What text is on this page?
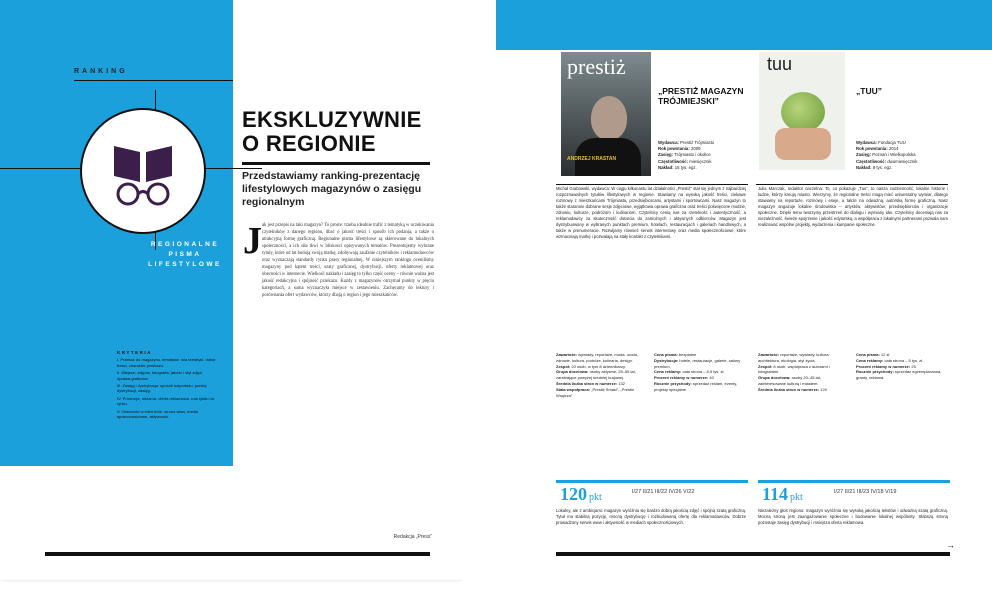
RANKING
REGIONALNE PISMA LIFESTYLOWE
KRYTERIA
I. Przekaz do magazynu, tematyka: rola tematyki, dobór treści, charakter przekazu.
II. Miejsce, zdjęcia, fotografia: jakość i styl zdjęć, oprawa graficzna.
III. Zasięg i dystrybucja: sposób kolportażu, punkty dystrybucji, zasięg.
IV. Promocja, reklama: oferta reklamowa, rola tytułu na rynku.
V. Obecność w internecie: strona www, media społecznościowe, aktywność.
EKSKLUZYWNIE O REGIONIE
Przedstawiamy ranking-prezentację lifestylowych magazynów o zasięgu regionalnym
J ak jest przepis na taki magazyn? To proste: trzeba idealnie trafić z tematyką w oczekiwania czytelników z danego regionu, dbać o jakość treści i sposób ich podania, a także o atrakcyjną formę graficzną. Regionalne pisma lifestylowe są skierowane do lokalnych społeczności, a ich siła tkwi w bliskości opisywanych tematów. Prezentujemy wybrane tytuły, które od lat budują swoją markę, zdobywają zaufanie czytelników i reklamodawców oraz wyznaczają standardy rynku prasy regionalnej. W niniejszym rankingu oceniliśmy magazyny pod kątem treści, szaty graficznej, dystrybucji, oferty reklamowej oraz obecności w internecie. Wielkość nakładu i zasięg to tylko część oceny – równie ważna jest jakość redakcyjna i spójność przekazu. Każdy z magazynów otrzymał punkty w pięciu kategoriach, a suma wyznaczyła miejsce w zestawieniu. Zachęcamy do lektury i porównania ofert wydawców, którzy dbają o region i jego mieszkańców.
Redakcja „Press”
prestiż
ANDRZEJ KRASTAN
tuu
„PRESTIŻ MAGAZYN TRÓJMIEJSKI”
„TUU”
Wydawca: Prestiż Trójmiasto
Rok powstania: 2009
Zasięg: Trójmiasto i okolice
Częstotliwość: miesięcznik
Nakład: 15 tys. egz.
Wydawca: Fundacja TUU
Rok powstania: 2014
Zasięg: Poznań i Wielkopolska
Częstotliwość: dwumiesięcznik
Nakład: 8 tys. egz.
Michał Grabowski, wydawca: W ciągu kilkunastu lat działalności „Prestiż” stał się jednym z najbardziej rozpoznawalnych tytułów lifestylowych w regionie. Stawiamy na wysoką jakość treści, ciekawe rozmowy z mieszkańcami Trójmiasta, przedsiębiorcami, artystami i sportowcami. Nasz magazyn to także starannie dobrane sesje zdjęciowe, wyjątkowa oprawa graficzna oraz treści poświęcone modzie, zdrowiu, kulturze, podróżom i kulinariom. Czytelnicy cenią nas za rzetelność i autentyczność, a reklamodawcy za skuteczność dotarcia do zamożnych i aktywnych odbiorców. Magazyn jest dystrybuowany w wybranych punktach premium, hotelach, restauracjach i galeriach handlowych, a także w prenumeracie. Rozwijamy również serwis internetowy oraz media społecznościowe, które wzmacniają markę i pozwalają na stały kontakt z czytelnikami.
Julia Marczak, redaktor naczelna: To, co pokazuje „Tuu”, to nasza codzienność, lokalne historie i ludzie, którzy kreują miasto. Wierzymy, że regionalne treści mogą mieć uniwersalny wymiar, dlatego stawiamy na reportaże, rozmowy i eseje, a także na odważną, autorską formę graficzną. Nasz magazyn angażuje lokalne środowiska – artystów, aktywistów, przedsiębiorców i organizacje społeczne. Dzięki temu tworzymy przestrzeń do dialogu i wymiany idei. Czytelnicy doceniają nas za niezależność, świeże spojrzenie i jakość edytorską, a współpraca z lokalnymi partnerami pozwala nam realizować wspólne projekty, wydarzenia i kampanie społeczne.
Zawartość: wywiady, reportaże, moda, uroda, zdrowie, kultura, podróże, kulinaria, design.
Zespół: 20 osób, w tym 8 dziennikarzy.
Grupa docelowa: osoby aktywne, 25–55 lat, zarabiające powyżej średniej krajowej.
Średnia liczba stron w numerze: 132
Stała współpraca: „Prestiż Smaki”, „Prestiż Wnętrza”
Cena pisma: bezpłatne
Dystrybucja: hotele, restauracje, galerie, salony premium.
Cena reklamy: cała strona – 8,5 tys. zł.
Procent reklamy w numerze: 40
Rocznie przychody: sprzedaż reklam, eventy, projekty specjalne.
Zawartość: reportaże, wywiady, kultura, architektura, ekologia, styl życia.
Zespół: 8 osób, współpraca z autorami i fotografami.
Grupa docelowa: osoby 20–45 lat, zainteresowane kulturą i miastem.
Średnia liczba stron w numerze: 120
Cena pisma: 12 zł
Cena reklamy: cała strona – 5 tys. zł.
Procent reklamy w numerze: 25
Rocznie przychody: sprzedaż egzemplarzowa, granty, reklama.
120 pkt	114 pkt
I/27 II/21 III/22 IV/26 V/22	I/27 II/21 III/23 IV/18 V/19
Lokalny, ale z ambicjami: magazyn wyróżnia się bardzo dobrą jakością zdjęć i spójną szatą graficzną. Tytuł ma stabilną pozycję, mocną dystrybucję i rozbudowaną ofertę dla reklamodawców. Dobrze prowadzony serwis www i aktywność w mediach społecznościowych.
Niezależny głos regionu: magazyn wyróżnia się wysoką jakością tekstów i odważną szatą graficzną. Mocną stroną jest zaangażowanie społeczne i budowanie lokalnej wspólnoty. Słabszą stroną pozostaje zasięg dystrybucji i mniejsza oferta reklamowa.
→
